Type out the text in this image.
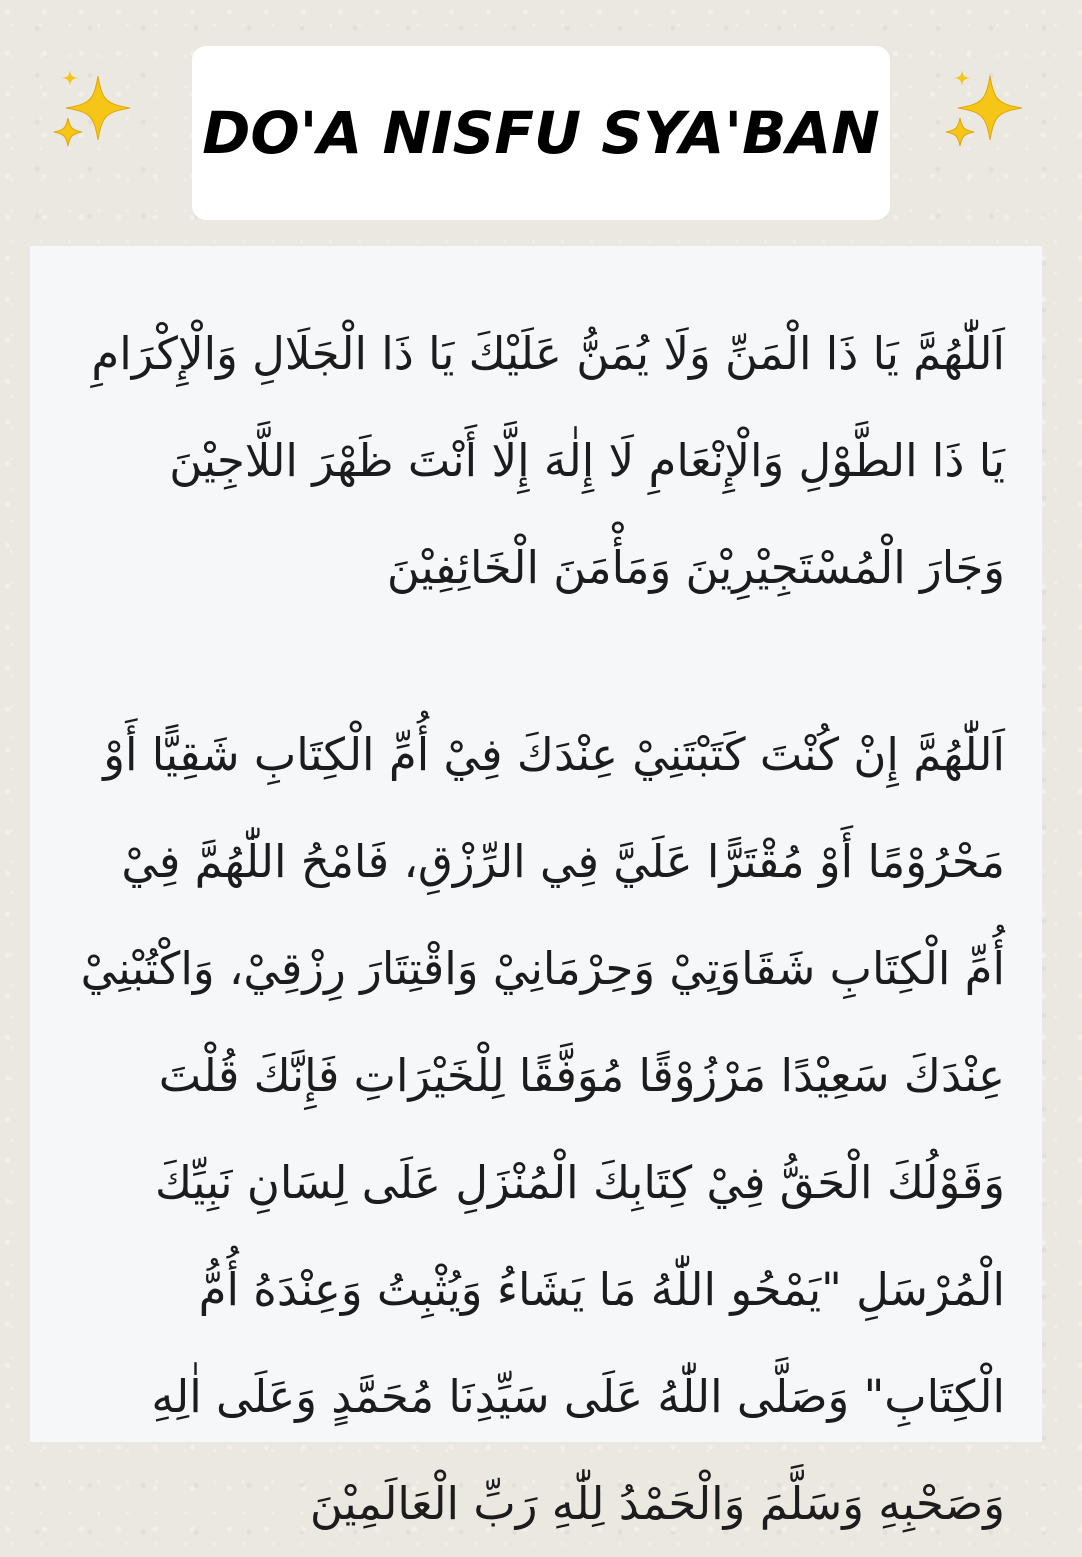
DO'A NISFU SYA'BAN

اَللّٰهُمَّ يَا ذَا الْمَنِّ وَلَا يُمَنُّ عَلَيْكَ يَا ذَا الْجَلَالِ وَالْإِكْرَامِ يَا ذَا الطَّوْلِ وَالْإِنْعَامِ لَا إِلٰهَ إِلَّا أَنْتَ ظَهْرَ اللَّاجِيْنَ وَجَارَ الْمُسْتَجِيْرِيْنَ وَمَأْمَنَ الْخَائِفِيْنَ

اَللّٰهُمَّ إِنْ كُنْتَ كَتَبْتَنِيْ عِنْدَكَ فِيْ أُمِّ الْكِتَابِ شَقِيًّا أَوْ مَحْرُوْمًا أَوْ مُقْتَرًّا عَلَيَّ فِي الرِّزْقِ، فَامْحُ اللّٰهُمَّ فِيْ أُمِّ الْكِتَابِ شَقَاوَتِيْ وَحِرْمَانِيْ وَاقْتِتَارَ رِزْقِيْ، وَاكْتُبْنِيْ عِنْدَكَ سَعِيْدًا مَرْزُوْقًا مُوَفَّقًا لِلْخَيْرَاتِ فَإِنَّكَ قُلْتَ وَقَوْلُكَ الْحَقُّ فِيْ كِتَابِكَ الْمُنْزَلِ عَلَى لِسَانِ نَبِيِّكَ الْمُرْسَلِ "يَمْحُو اللّٰهُ مَا يَشَاءُ وَيُثْبِتُ وَعِنْدَهُ أُمُّ الْكِتَابِ" وَصَلَّى اللّٰهُ عَلَى سَيِّدِنَا مُحَمَّدٍ وَعَلَى اٰلِهِ وَصَحْبِهِ وَسَلَّمَ وَالْحَمْدُ لِلّٰهِ رَبِّ الْعَالَمِيْنَ
